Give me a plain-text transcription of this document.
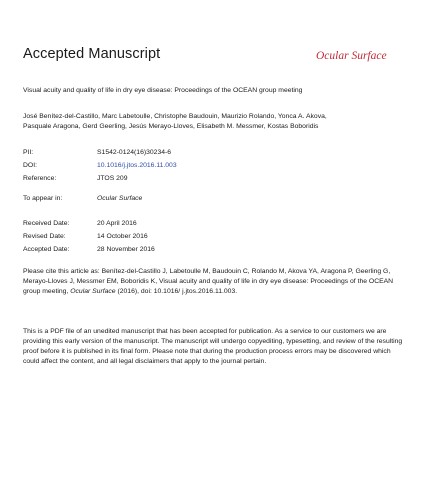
Accepted Manuscript	Ocular Surface
Visual acuity and quality of life in dry eye disease: Proceedings of the OCEAN group meeting
José Benítez-del-Castillo, Marc Labetoulle, Christophe Baudouin, Maurizio Rolando, Yonca A. Akova, Pasquale Aragona, Gerd Geerling, Jesús Merayo-Lloves, Elisabeth M. Messmer, Kostas Boboridis
PII:	S1542-0124(16)30234-6
DOI:	10.1016/j.jtos.2016.11.003
Reference:	JTOS 209
To appear in:	Ocular Surface
Received Date:	20 April 2016
Revised Date:	14 October 2016
Accepted Date:	28 November 2016
Please cite this article as: Benítez-del-Castillo J, Labetoulle M, Baudouin C, Rolando M, Akova YA, Aragona P, Geerling G, Merayo-Lloves J, Messmer EM, Boboridis K, Visual acuity and quality of life in dry eye disease: Proceedings of the OCEAN group meeting, Ocular Surface (2016), doi: 10.1016/ j.jtos.2016.11.003.
This is a PDF file of an unedited manuscript that has been accepted for publication. As a service to our customers we are providing this early version of the manuscript. The manuscript will undergo copyediting, typesetting, and review of the resulting proof before it is published in its final form. Please note that during the production process errors may be discovered which could affect the content, and all legal disclaimers that apply to the journal pertain.
